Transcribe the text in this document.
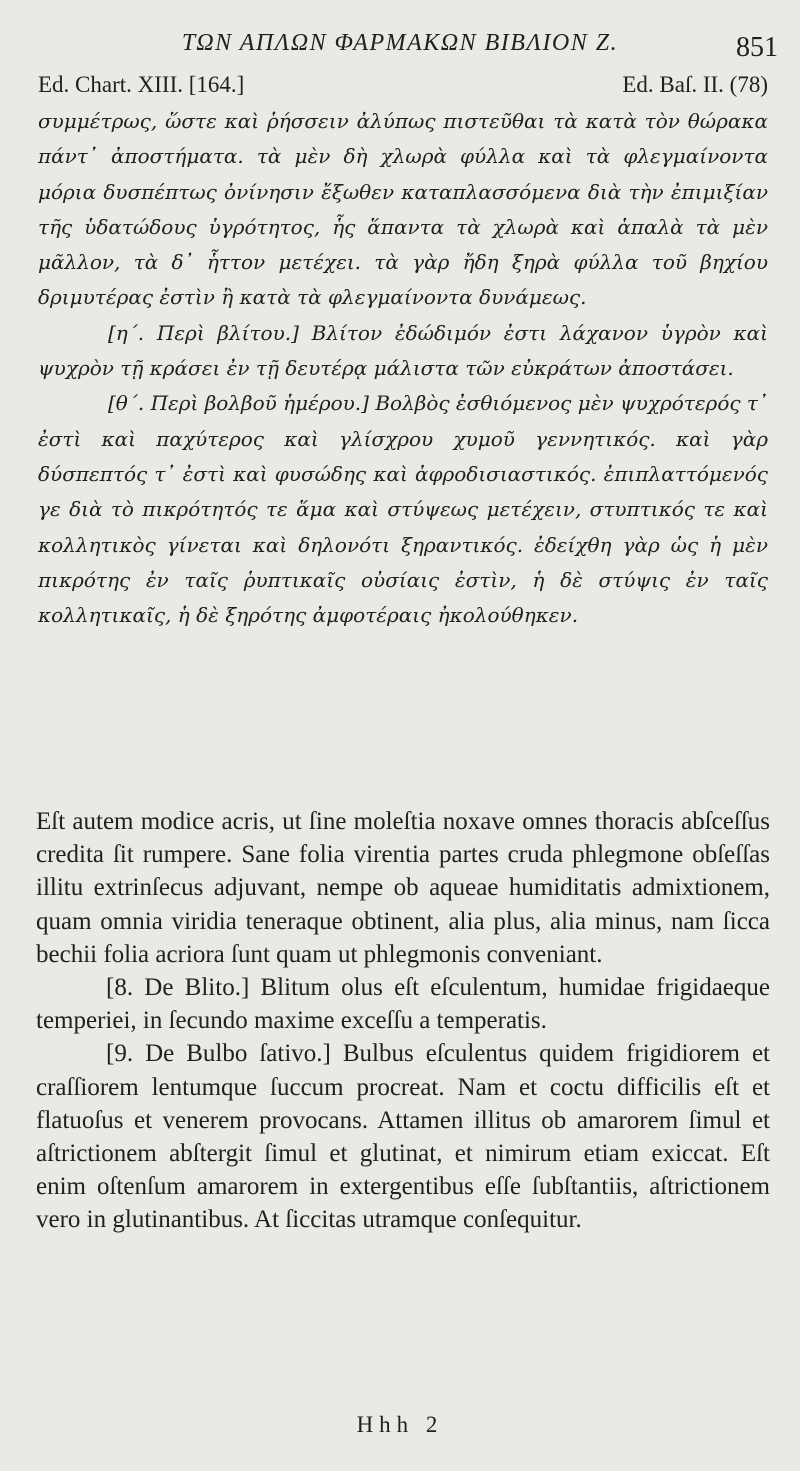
ΤΩΝ ΑΠΛΩΝ ΦΑΡΜΑΚΩΝ ΒΙΒΛΙΟΝ Ζ.	851
Ed. Chart. XIII. [164.]	Ed. Baſ. II. (78)

συμμέτρως, ὥστε καὶ ῥήσσειν ἀλύπως πιστεῦθαι τὰ κατὰ τὸν θώρακα πάντ᾽ ἀποστήματα. τὰ μὲν δὴ χλωρὰ φύλλα καὶ τὰ φλεγμαίνοντα μόρια δυσπέπτως ὀνίνησιν ἔξωθεν καταπλασσόμενα διὰ τὴν ἐπιμιξίαν τῆς ὑδατώδους ὑγρότητος, ἧς ἅπαντα τὰ χλωρὰ καὶ ἁπαλὰ τὰ μὲν μᾶλλον, τὰ δ᾽ ἧττον μετέχει. τὰ γὰρ ἤδη ξηρὰ φύλλα τοῦ βηχίου δριμυτέρας ἐστὶν ἢ κατὰ τὰ φλεγμαίνοντα δυνάμεως.

[η΄. Περὶ βλίτου.] Βλίτον ἐδώδιμόν ἐστι λάχανον ὑγρὸν καὶ ψυχρὸν τῇ κράσει ἐν τῇ δευτέρᾳ μάλιστα τῶν εὐκράτων ἀποστάσει.

[θ΄. Περὶ βολβοῦ ἡμέρου.] Βολβὸς ἐσθιόμενος μὲν ψυχρότερός τ᾽ ἐστὶ καὶ παχύτερος καὶ γλίσχρου χυμοῦ γεννητικός. καὶ γὰρ δύσπεπτός τ᾽ ἐστὶ καὶ φυσώδης καὶ ἀφροδισιαστικός. ἐπιπλαττόμενός γε διὰ τὸ πικρότητός τε ἅμα καὶ στύψεως μετέχειν, στυπτικός τε καὶ κολλητικὸς γίνεται καὶ δηλονότι ξηραντικός. ἐδείχθη γὰρ ὡς ἡ μὲν πικρότης ἐν ταῖς ῥυπτικαῖς οὐσίαις ἐστὶν, ἡ δὲ στύψις ἐν ταῖς κολλητικαῖς, ἡ δὲ ξηρότης ἀμφοτέραις ἠκολούθηκεν.

Eſt autem modice acris, ut ſine moleſtia noxave omnes thoracis abſceſſus credita ſit rumpere. Sane folia virentia partes cruda phlegmone obſeſſas illitu extrinſecus adjuvant, nempe ob aqueae humiditatis admixtionem, quam omnia viridia teneraque obtinent, alia plus, alia minus, nam ſicca bechii folia acriora ſunt quam ut phlegmonis conveniant.

[8. De Blito.] Blitum olus eſt eſculentum, humidae frigidaeque temperiei, in ſecundo maxime exceſſu a temperatis.

[9. De Bulbo ſativo.] Bulbus eſculentus quidem frigidiorem et craſſiorem lentumque ſuccum procreat. Nam et coctu difficilis eſt et flatuoſus et venerem provocans. Attamen illitus ob amarorem ſimul et aſtrictionem abſtergit ſimul et glutinat, et nimirum etiam exiccat. Eſt enim oſtenſum amarorem in extergentibus eſſe ſubſtantiis, aſtrictionem vero in glutinantibus. At ſiccitas utramque conſequitur.

Hhh 2
